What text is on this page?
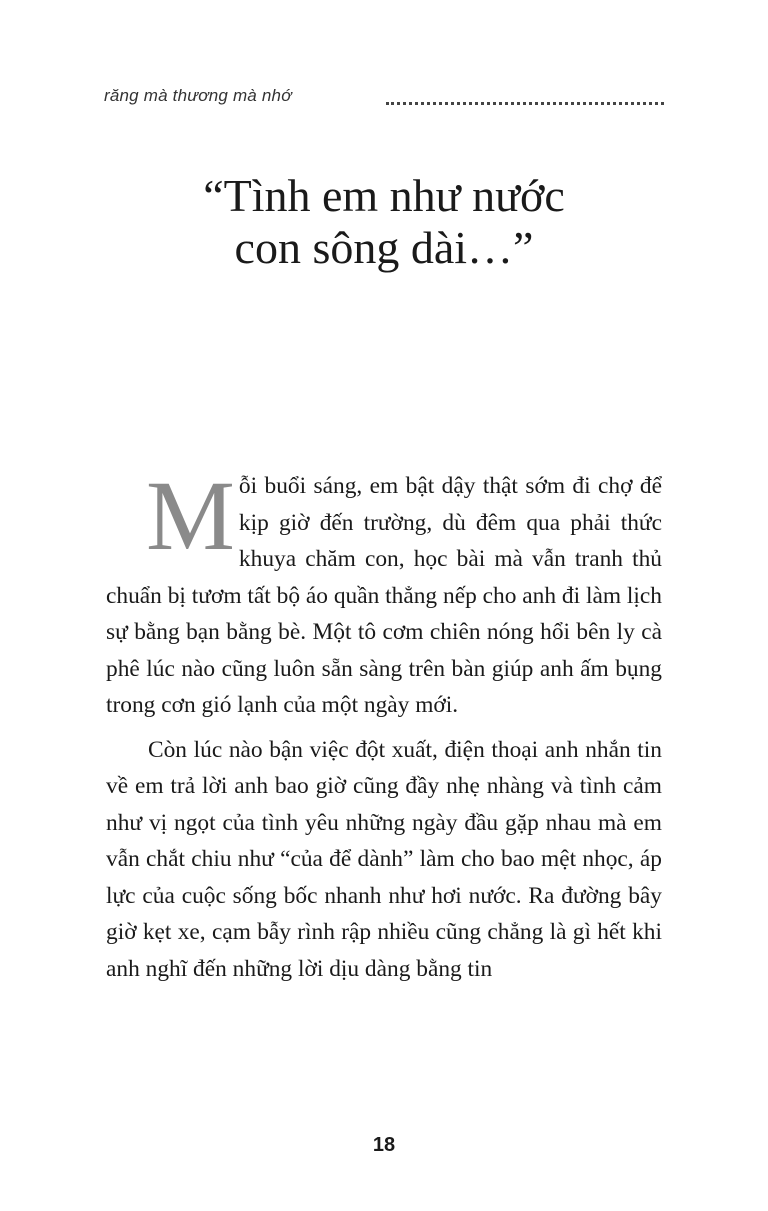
răng mà thương mà nhớ
“Tình em như nước
con sông dài…”

Mỗi buổi sáng, em bật dậy thật sớm đi chợ để kịp giờ đến trường, dù đêm qua phải thức khuya chăm con, học bài mà vẫn tranh thủ chuẩn bị tươm tất bộ áo quần thẳng nếp cho anh đi làm lịch sự bằng bạn bằng bè. Một tô cơm chiên nóng hổi bên ly cà phê lúc nào cũng luôn sẵn sàng trên bàn giúp anh ấm bụng trong cơn gió lạnh của một ngày mới.

Còn lúc nào bận việc đột xuất, điện thoại anh nhắn tin về em trả lời anh bao giờ cũng đầy nhẹ nhàng và tình cảm như vị ngọt của tình yêu những ngày đầu gặp nhau mà em vẫn chắt chiu như “của để dành” làm cho bao mệt nhọc, áp lực của cuộc sống bốc nhanh như hơi nước. Ra đường bây giờ kẹt xe, cạm bẫy rình rập nhiều cũng chẳng là gì hết khi anh nghĩ đến những lời dịu dàng bằng tin

18
